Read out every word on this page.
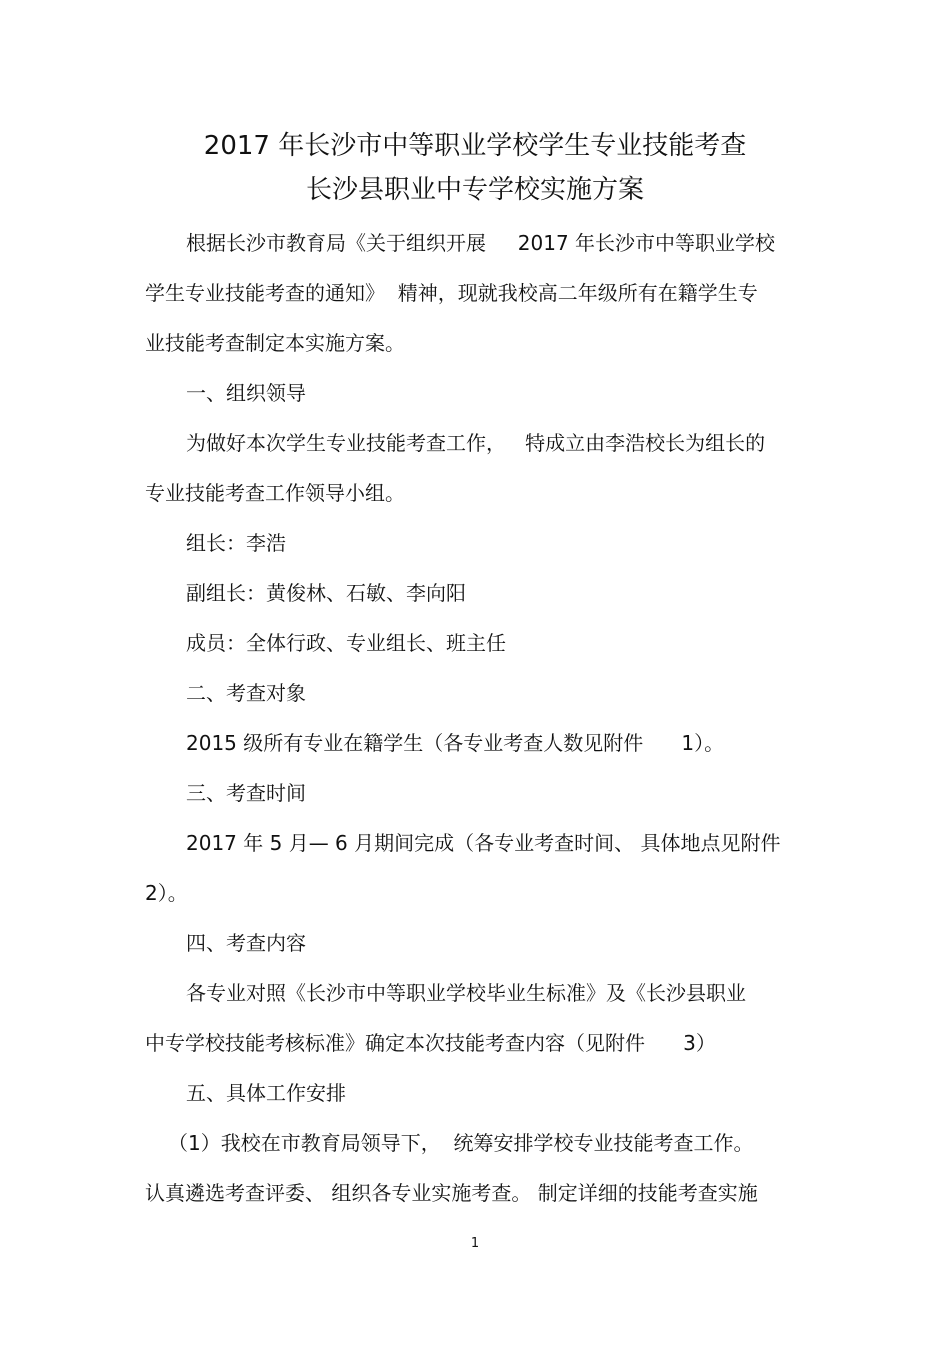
2017 年长沙市中等职业学校学生专业技能考查
长沙县职业中专学校实施方案

根据长沙市教育局《关于组织开展     2017 年长沙市中等职业学校

学生专业技能考查的通知》  精神，现就我校高二年级所有在籍学生专

业技能考查制定本实施方案。

一、组织领导

为做好本次学生专业技能考查工作，   特成立由李浩校长为组长的

专业技能考查工作领导小组。

组长：李浩

副组长：黄俊林、石敏、李向阳

成员：全体行政、专业组长、班主任

二、考查对象

2015 级所有专业在籍学生（各专业考查人数见附件      1）。

三、考查时间

2017 年 5 月— 6 月期间完成（各专业考查时间、 具体地点见附件

2）。

四、考查内容

各专业对照《长沙市中等职业学校毕业生标准》及《长沙县职业

中专学校技能考核标准》确定本次技能考查内容（见附件      3）

五、具体工作安排

（1）我校在市教育局领导下，  统筹安排学校专业技能考查工作。

认真遴选考查评委、 组织各专业实施考查。 制定详细的技能考查实施

1
